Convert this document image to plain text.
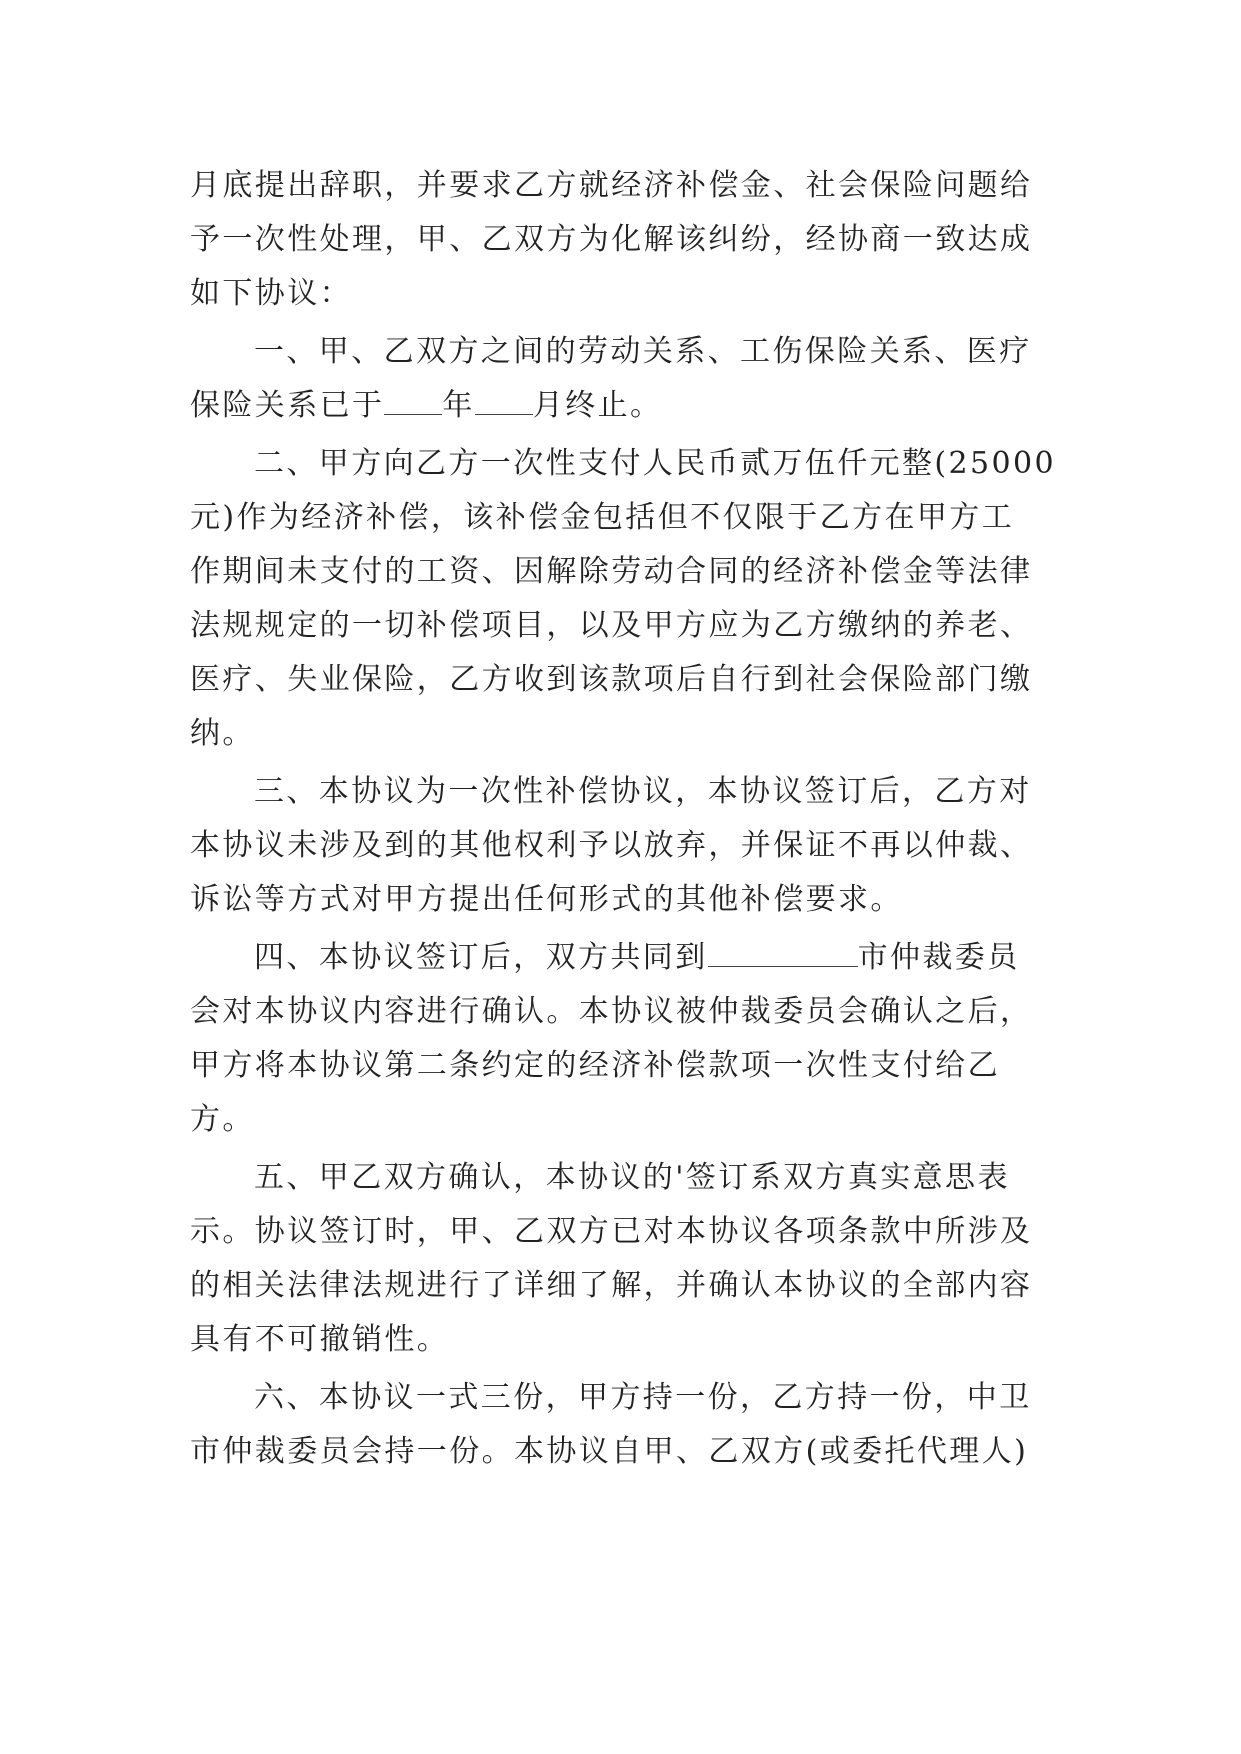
月底提出辞职，并要求乙方就经济补偿金、社会保险问题给
予一次性处理，甲、乙双方为化解该纠纷，经协商一致达成
如下协议：

一、甲、乙双方之间的劳动关系、工伤保险关系、医疗
保险关系已于 年 月终止。

二、甲方向乙方一次性支付人民币贰万伍仟元整(25000
元)作为经济补偿，该补偿金包括但不仅限于乙方在甲方工
作期间未支付的工资、因解除劳动合同的经济补偿金等法律
法规规定的一切补偿项目，以及甲方应为乙方缴纳的养老、
医疗、失业保险，乙方收到该款项后自行到社会保险部门缴
纳。

三、本协议为一次性补偿协议，本协议签订后，乙方对
本协议未涉及到的其他权利予以放弃，并保证不再以仲裁、
诉讼等方式对甲方提出任何形式的其他补偿要求。

四、本协议签订后，双方共同到	市仲裁委员
会对本协议内容进行确认。本协议被仲裁委员会确认之后，
甲方将本协议第二条约定的经济补偿款项一次性支付给乙
方。

五、甲乙双方确认，本协议的'签订系双方真实意思表
示。协议签订时，甲、乙双方已对本协议各项条款中所涉及
的相关法律法规进行了详细了解，并确认本协议的全部内容
具有不可撤销性。

六、本协议一式三份，甲方持一份，乙方持一份，中卫
市仲裁委员会持一份。本协议自甲、乙双方(或委托代理人)
